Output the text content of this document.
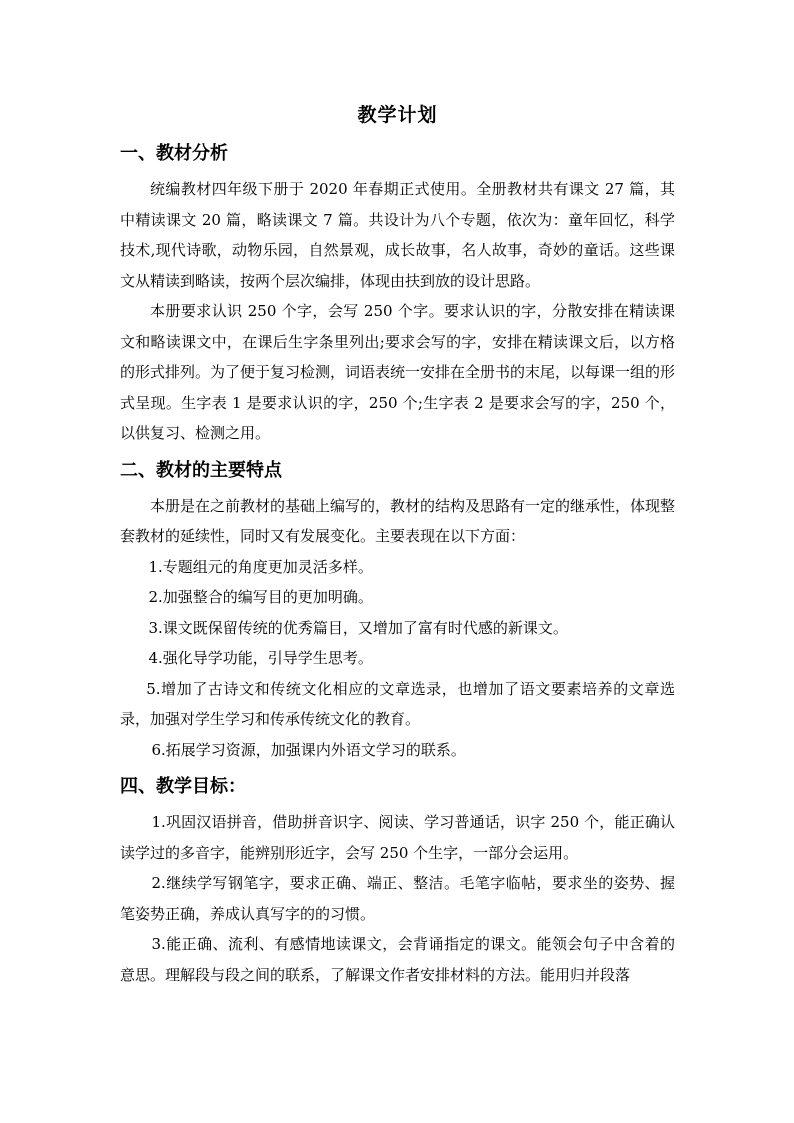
教学计划
一、教材分析

统编教材四年级下册于 2020 年春期正式使用。全册教材共有课文 27 篇，其中精读课文 20 篇，略读课文 7 篇。共设计为八个专题，依次为：童年回忆，科学技术,现代诗歌，动物乐园，自然景观，成长故事，名人故事，奇妙的童话。这些课文从精读到略读，按两个层次编排，体现由扶到放的设计思路。

本册要求认识 250 个字，会写 250 个字。要求认识的字，分散安排在精读课文和略读课文中，在课后生字条里列出;要求会写的字，安排在精读课文后，以方格的形式排列。为了便于复习检测，词语表统一安排在全册书的末尾，以每课一组的形式呈现。生字表 1 是要求认识的字，250 个;生字表 2 是要求会写的字，250 个，以供复习、检测之用。

二、教材的主要特点

本册是在之前教材的基础上编写的，教材的结构及思路有一定的继承性，体现整套教材的延续性，同时又有发展变化。主要表现在以下方面：

1.专题组元的角度更加灵活多样。

2.加强整合的编写目的更加明确。

3.课文既保留传统的优秀篇目，又增加了富有时代感的新课文。

4.强化导学功能，引导学生思考。

5.增加了古诗文和传统文化相应的文章选录，也增加了语文要素培养的文章选录，加强对学生学习和传承传统文化的教育。

6.拓展学习资源，加强课内外语文学习的联系。

四、教学目标：

1.巩固汉语拼音，借助拼音识字、阅读、学习普通话，识字 250 个，能正确认读学过的多音字，能辨别形近字，会写 250 个生字，一部分会运用。

2.继续学写钢笔字，要求正确、端正、整洁。毛笔字临帖，要求坐的姿势、握笔姿势正确，养成认真写字的的习惯。

3.能正确、流利、有感情地读课文，会背诵指定的课文。能领会句子中含着的意思。理解段与段之间的联系，了解课文作者安排材料的方法。能用归并段落
